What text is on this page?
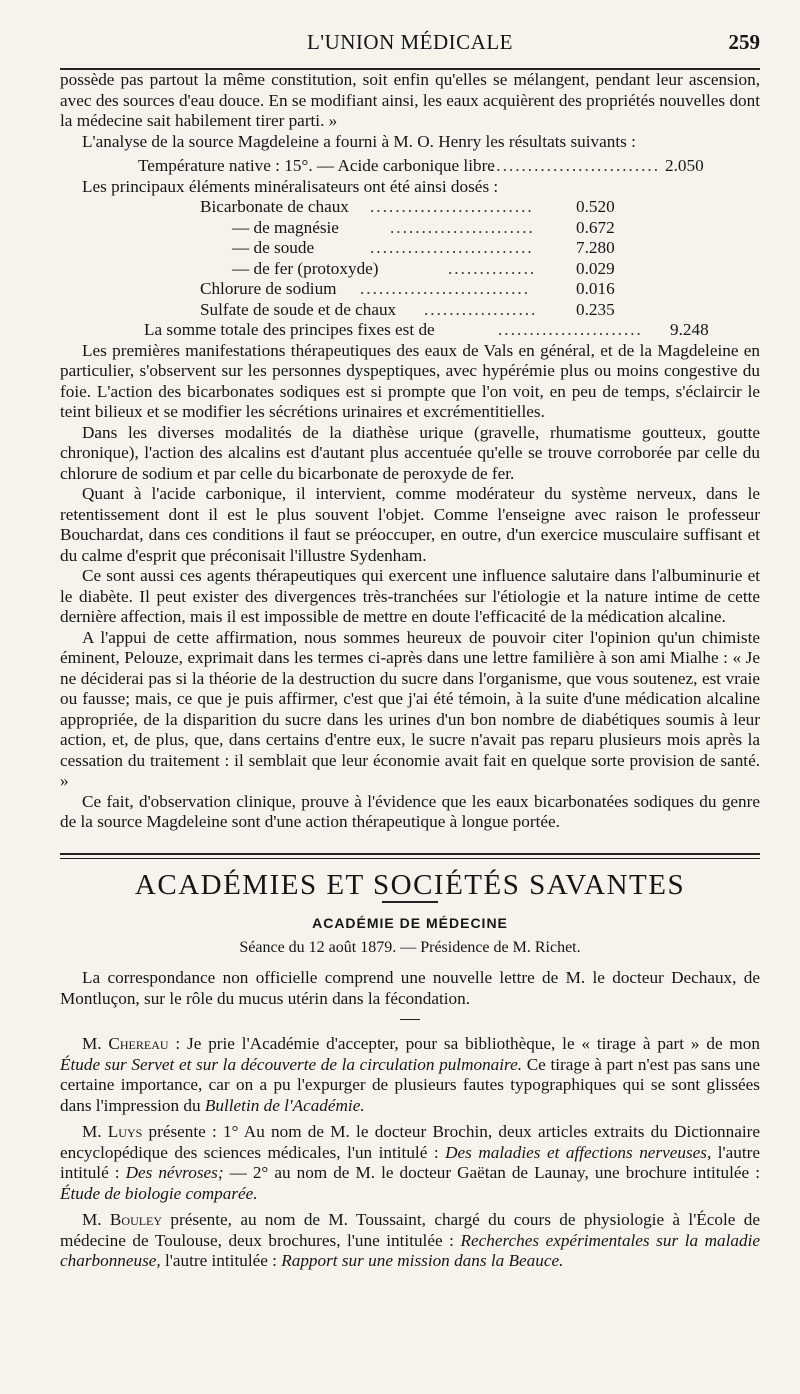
L'UNION MÉDICALE	259

possède pas partout la même constitution, soit enfin qu'elles se mélangent, pendant leur ascension, avec des sources d'eau douce. En se modifiant ainsi, les eaux acquièrent des propriétés nouvelles dont la médecine sait habilement tirer parti. »

L'analyse de la source Magdeleine a fourni à M. O. Henry les résultats suivants :

Température native : 15°. — Acide carbonique libre
........................... 2.050
Les principaux éléments minéralisateurs ont été ainsi dosés :
Bicarbonate de chaux ..........................	0.520
— de magnésie	.......................	0.672
— de soude	..........................	7.280
— de fer (protoxyde)	..............	0.029
Chlorure de sodium ...........................	0.016
Sulfate de soude et de chaux ..................	0.235
La somme totale des principes fixes est de	.......................	9.248

Les premières manifestations thérapeutiques des eaux de Vals en général, et de la Magdeleine en particulier, s'observent sur les personnes dyspeptiques, avec hypérémie plus ou moins congestive du foie. L'action des bicarbonates sodiques est si prompte que l'on voit, en peu de temps, s'éclaircir le teint bilieux et se modifier les sécrétions urinaires et excrémentitielles.

Dans les diverses modalités de la diathèse urique (gravelle, rhumatisme goutteux, goutte chronique), l'action des alcalins est d'autant plus accentuée qu'elle se trouve corroborée par celle du chlorure de sodium et par celle du bicarbonate de peroxyde de fer.

Quant à l'acide carbonique, il intervient, comme modérateur du système nerveux, dans le retentissement dont il est le plus souvent l'objet. Comme l'enseigne avec raison le professeur Bouchardat, dans ces conditions il faut se préoccuper, en outre, d'un exercice musculaire suffisant et du calme d'esprit que préconisait l'illustre Sydenham.

Ce sont aussi ces agents thérapeutiques qui exercent une influence salutaire dans l'albuminurie et le diabète. Il peut exister des divergences très-tranchées sur l'étiologie et la nature intime de cette dernière affection, mais il est impossible de mettre en doute l'efficacité de la médication alcaline.

A l'appui de cette affirmation, nous sommes heureux de pouvoir citer l'opinion qu'un chimiste éminent, Pelouze, exprimait dans les termes ci-après dans une lettre familière à son ami Mialhe : « Je ne déciderai pas si la théorie de la destruction du sucre dans l'organisme, que vous soutenez, est vraie ou fausse; mais, ce que je puis affirmer, c'est que j'ai été témoin, à la suite d'une médication alcaline appropriée, de la disparition du sucre dans les urines d'un bon nombre de diabétiques soumis à leur action, et, de plus, que, dans certains d'entre eux, le sucre n'avait pas reparu plusieurs mois après la cessation du traitement : il semblait que leur économie avait fait en quelque sorte provision de santé. »

Ce fait, d'observation clinique, prouve à l'évidence que les eaux bicarbonatées sodiques du genre de la source Magdeleine sont d'une action thérapeutique à longue portée.

ACADÉMIES ET SOCIÉTÉS SAVANTES
ACADÉMIE DE MÉDECINE
Séance du 12 août 1879. — Présidence de M. Richet.

La correspondance non officielle comprend une nouvelle lettre de M. le docteur Dechaux, de Montluçon, sur le rôle du mucus utérin dans la fécondation.

M. Chereau : Je prie l'Académie d'accepter, pour sa bibliothèque, le « tirage à part » de mon Étude sur Servet et sur la découverte de la circulation pulmonaire. Ce tirage à part n'est pas sans une certaine importance, car on a pu l'expurger de plusieurs fautes typographiques qui se sont glissées dans l'impression du Bulletin de l'Académie.

M. Luys présente : 1° Au nom de M. le docteur Brochin, deux articles extraits du Dictionnaire encyclopédique des sciences médicales, l'un intitulé : Des maladies et affections nerveuses, l'autre intitulé : Des névroses; — 2° au nom de M. le docteur Gaëtan de Launay, une brochure intitulée : Étude de biologie comparée.

M. Bouley présente, au nom de M. Toussaint, chargé du cours de physiologie à l'École de médecine de Toulouse, deux brochures, l'une intitulée : Recherches expérimentales sur la maladie charbonneuse, l'autre intitulée : Rapport sur une mission dans la Beauce.
